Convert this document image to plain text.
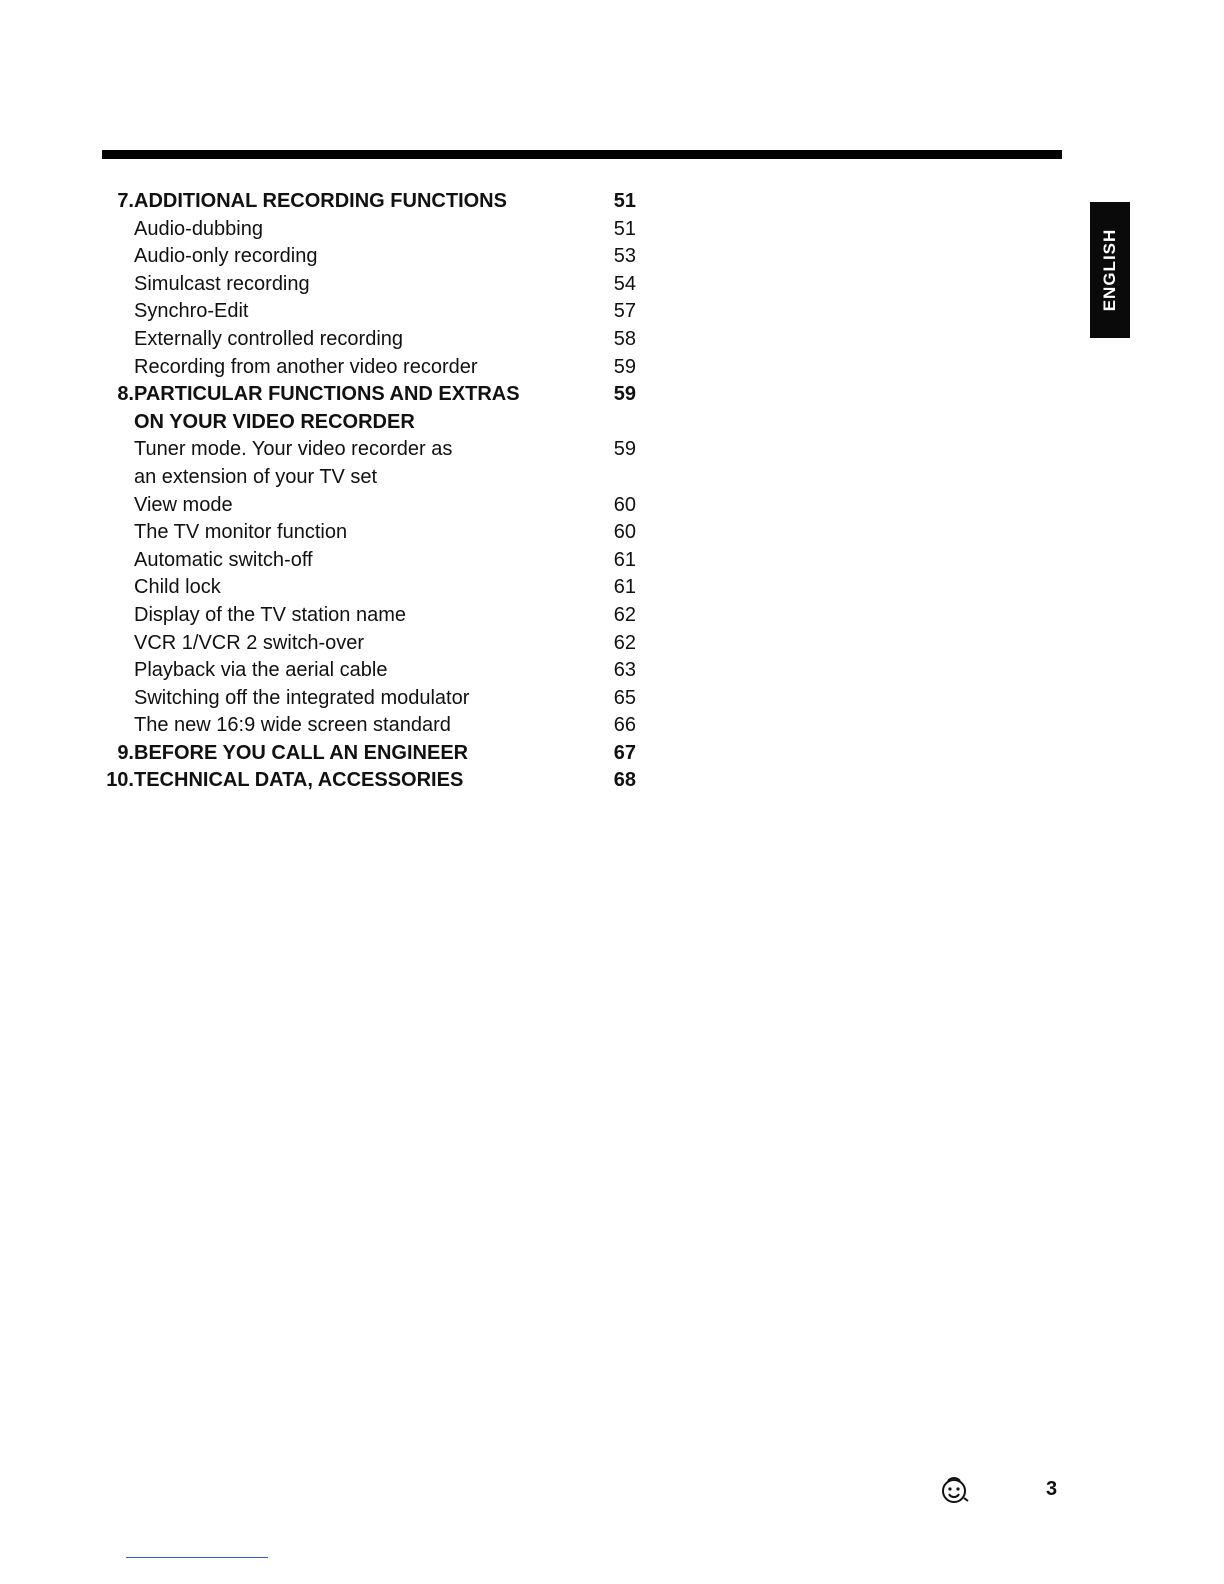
7. ADDITIONAL RECORDING FUNCTIONS	51
Audio-dubbing	51
Audio-only recording	53
Simulcast recording	54
Synchro-Edit	57
Externally controlled recording	58
Recording from another video recorder	59
8. PARTICULAR FUNCTIONS AND EXTRAS	59
ON YOUR VIDEO RECORDER
Tuner mode. Your video recorder as	59
an extension of your TV set
View mode	60
The TV monitor function	60
Automatic switch-off	61
Child lock	61
Display of the TV station name	62
VCR 1/VCR 2 switch-over	62
Playback via the aerial cable	63
Switching off the integrated modulator	65
The new 16:9 wide screen standard	66
9. BEFORE YOU CALL AN ENGINEER	67
10. TECHNICAL DATA, ACCESSORIES	68
ENGLISH
3
